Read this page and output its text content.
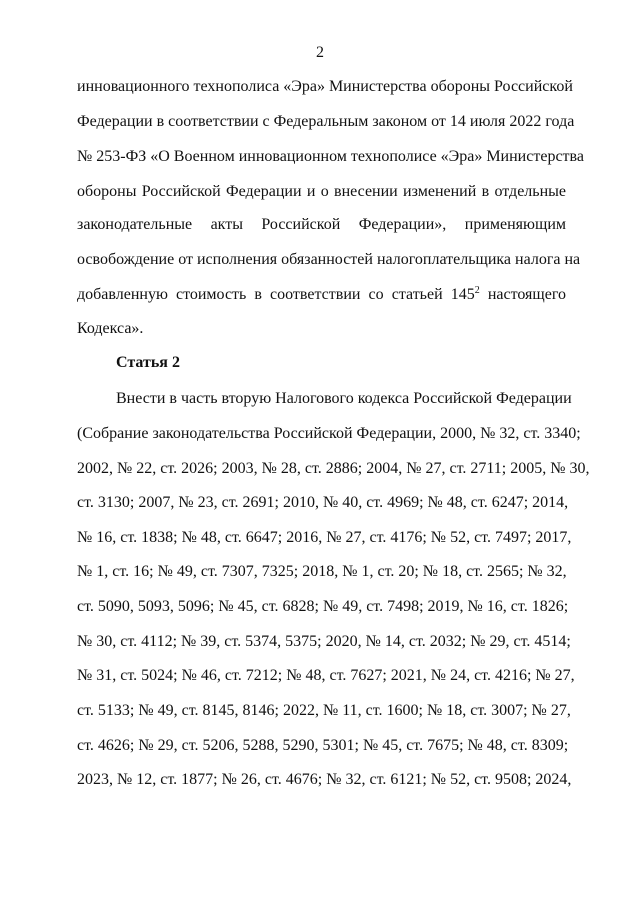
2
инновационного технополиса «Эра» Министерства обороны Российской
Федерации в соответствии с Федеральным законом от 14 июля 2022 года
№ 253-ФЗ «О Военном инновационном технополисе «Эра» Министерства
обороны Российской Федерации и о внесении изменений в отдельные
законодательные акты Российской Федерации», применяющим
освобождение от исполнения обязанностей налогоплательщика налога на
добавленную стоимость в соответствии со статьей $145^2$ настоящего
Кодекса».
Статья 2
Внести в часть вторую Налогового кодекса Российской Федерации
(Собрание законодательства Российской Федерации, 2000, № 32, ст. 3340;
2002, № 22, ст. 2026; 2003, № 28, ст. 2886; 2004, № 27, ст. 2711; 2005, № 30,
ст. 3130; 2007, № 23, ст. 2691; 2010, № 40, ст. 4969; № 48, ст. 6247; 2014,
№ 16, ст. 1838; № 48, ст. 6647; 2016, № 27, ст. 4176; № 52, ст. 7497; 2017,
№ 1, ст. 16; № 49, ст. 7307, 7325; 2018, № 1, ст. 20; № 18, ст. 2565; № 32,
ст. 5090, 5093, 5096; № 45, ст. 6828; № 49, ст. 7498; 2019, № 16, ст. 1826;
№ 30, ст. 4112; № 39, ст. 5374, 5375; 2020, № 14, ст. 2032; № 29, ст. 4514;
№ 31, ст. 5024; № 46, ст. 7212; № 48, ст. 7627; 2021, № 24, ст. 4216; № 27,
ст. 5133; № 49, ст. 8145, 8146; 2022, № 11, ст. 1600; № 18, ст. 3007; № 27,
ст. 4626; № 29, ст. 5206, 5288, 5290, 5301; № 45, ст. 7675; № 48, ст. 8309;
2023, № 12, ст. 1877; № 26, ст. 4676; № 32, ст. 6121; № 52, ст. 9508; 2024,
